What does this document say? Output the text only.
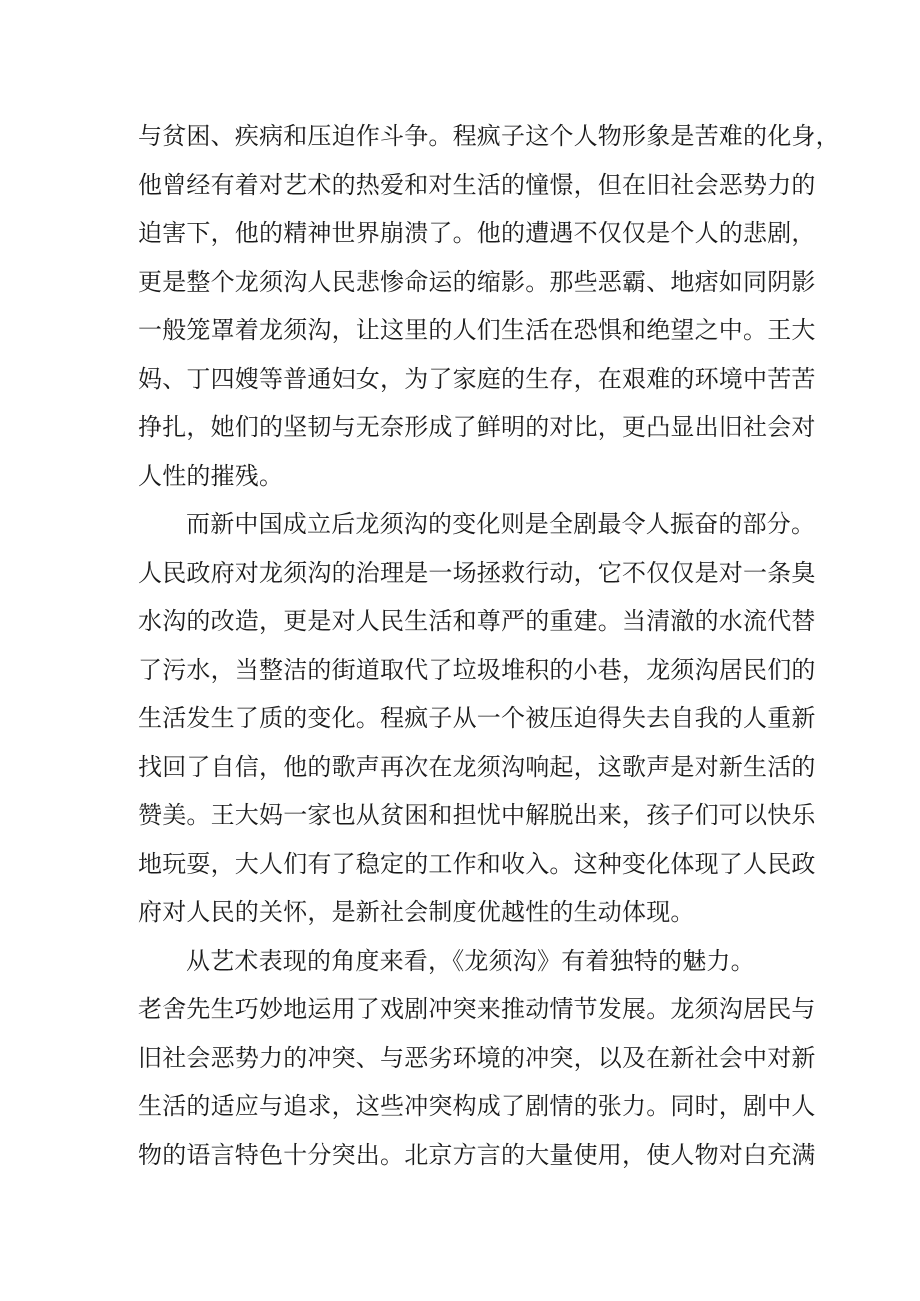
与贫困、疾病和压迫作斗争。程疯子这个人物形象是苦难的化身，
他曾经有着对艺术的热爱和对生活的憧憬，但在旧社会恶势力的
迫害下，他的精神世界崩溃了。他的遭遇不仅仅是个人的悲剧，
更是整个龙须沟人民悲惨命运的缩影。那些恶霸、地痞如同阴影
一般笼罩着龙须沟，让这里的人们生活在恐惧和绝望之中。王大
妈、丁四嫂等普通妇女，为了家庭的生存，在艰难的环境中苦苦
挣扎，她们的坚韧与无奈形成了鲜明的对比，更凸显出旧社会对
人性的摧残。
而新中国成立后龙须沟的变化则是全剧最令人振奋的部分。
人民政府对龙须沟的治理是一场拯救行动，它不仅仅是对一条臭
水沟的改造，更是对人民生活和尊严的重建。当清澈的水流代替
了污水，当整洁的街道取代了垃圾堆积的小巷，龙须沟居民们的
生活发生了质的变化。程疯子从一个被压迫得失去自我的人重新
找回了自信，他的歌声再次在龙须沟响起，这歌声是对新生活的
赞美。王大妈一家也从贫困和担忧中解脱出来，孩子们可以快乐
地玩耍，大人们有了稳定的工作和收入。这种变化体现了人民政
府对人民的关怀，是新社会制度优越性的生动体现。
从艺术表现的角度来看，《龙须沟》有着独特的魅力。
老舍先生巧妙地运用了戏剧冲突来推动情节发展。龙须沟居民与
旧社会恶势力的冲突、与恶劣环境的冲突，以及在新社会中对新
生活的适应与追求，这些冲突构成了剧情的张力。同时，剧中人
物的语言特色十分突出。北京方言的大量使用，使人物对白充满
